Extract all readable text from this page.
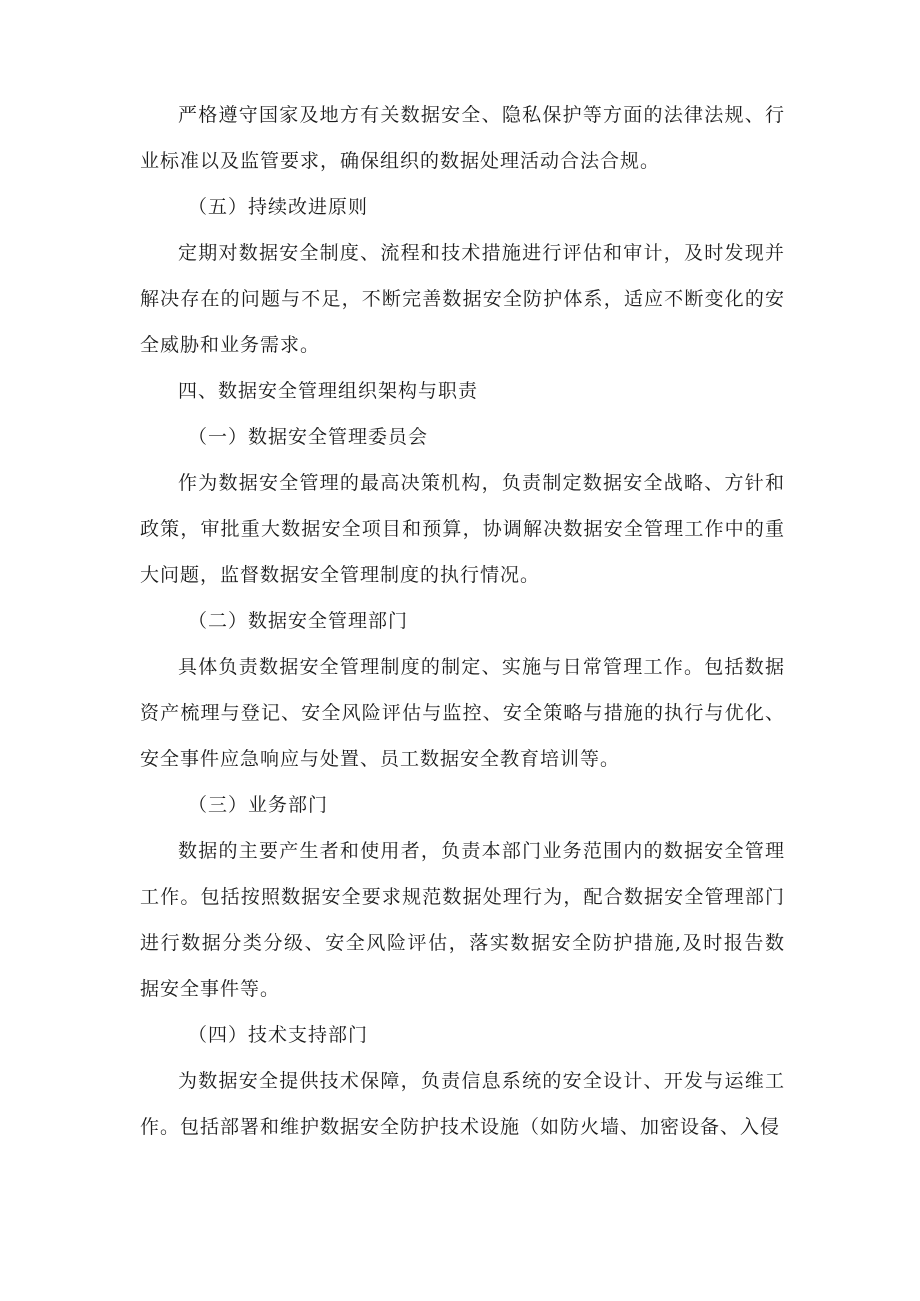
严格遵守国家及地方有关数据安全、隐私保护等方面的法律法规、行业标准以及监管要求，确保组织的数据处理活动合法合规。

（五）持续改进原则

定期对数据安全制度、流程和技术措施进行评估和审计，及时发现并解决存在的问题与不足，不断完善数据安全防护体系，适应不断变化的安全威胁和业务需求。

四、数据安全管理组织架构与职责

（一）数据安全管理委员会

作为数据安全管理的最高决策机构，负责制定数据安全战略、方针和政策，审批重大数据安全项目和预算，协调解决数据安全管理工作中的重大问题，监督数据安全管理制度的执行情况。

（二）数据安全管理部门

具体负责数据安全管理制度的制定、实施与日常管理工作。包括数据资产梳理与登记、安全风险评估与监控、安全策略与措施的执行与优化、安全事件应急响应与处置、员工数据安全教育培训等。

（三）业务部门

数据的主要产生者和使用者，负责本部门业务范围内的数据安全管理工作。包括按照数据安全要求规范数据处理行为，配合数据安全管理部门进行数据分类分级、安全风险评估，落实数据安全防护措施,及时报告数据安全事件等。

（四）技术支持部门

为数据安全提供技术保障，负责信息系统的安全设计、开发与运维工作。包括部署和维护数据安全防护技术设施（如防火墙、加密设备、入侵
